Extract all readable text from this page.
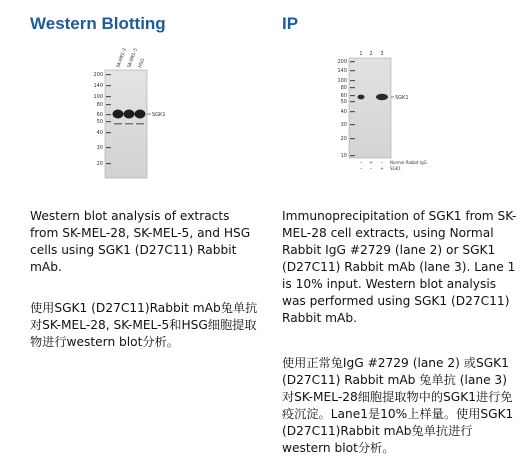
Western Blotting	IP
200
140
100
80
60
50
40
30
20
SK-MEL-28
SK-MEL-5 HSG
SGK1
200
140
100
80
60
50
40
30
20
10
1 2 3
SGK1
– + –
– – +
Normal Rabbit IgG
SGK1

Western blot analysis of extracts from SK-MEL-28, SK-MEL-5, and HSG cells using SGK1 (D27C11) Rabbit mAb.

使用SGK1 (D27C11)Rabbit mAb兔单抗对SK-MEL-28, SK-MEL-5和HSG细胞提取物进行western blot分析。

Immunoprecipitation of SGK1 from SK-MEL-28 cell extracts, using Normal Rabbit IgG #2729 (lane 2) or SGK1 (D27C11) Rabbit mAb (lane 3). Lane 1 is 10% input. Western blot analysis was performed using SGK1 (D27C11) Rabbit mAb.

使用正常兔IgG #2729 (lane 2) 或SGK1 (D27C11) Rabbit mAb 兔单抗 (lane 3)对SK-MEL-28细胞提取物中的SGK1进行免疫沉淀。Lane1是10%上样量。使用SGK1 (D27C11)Rabbit mAb兔单抗进行western blot分析。
